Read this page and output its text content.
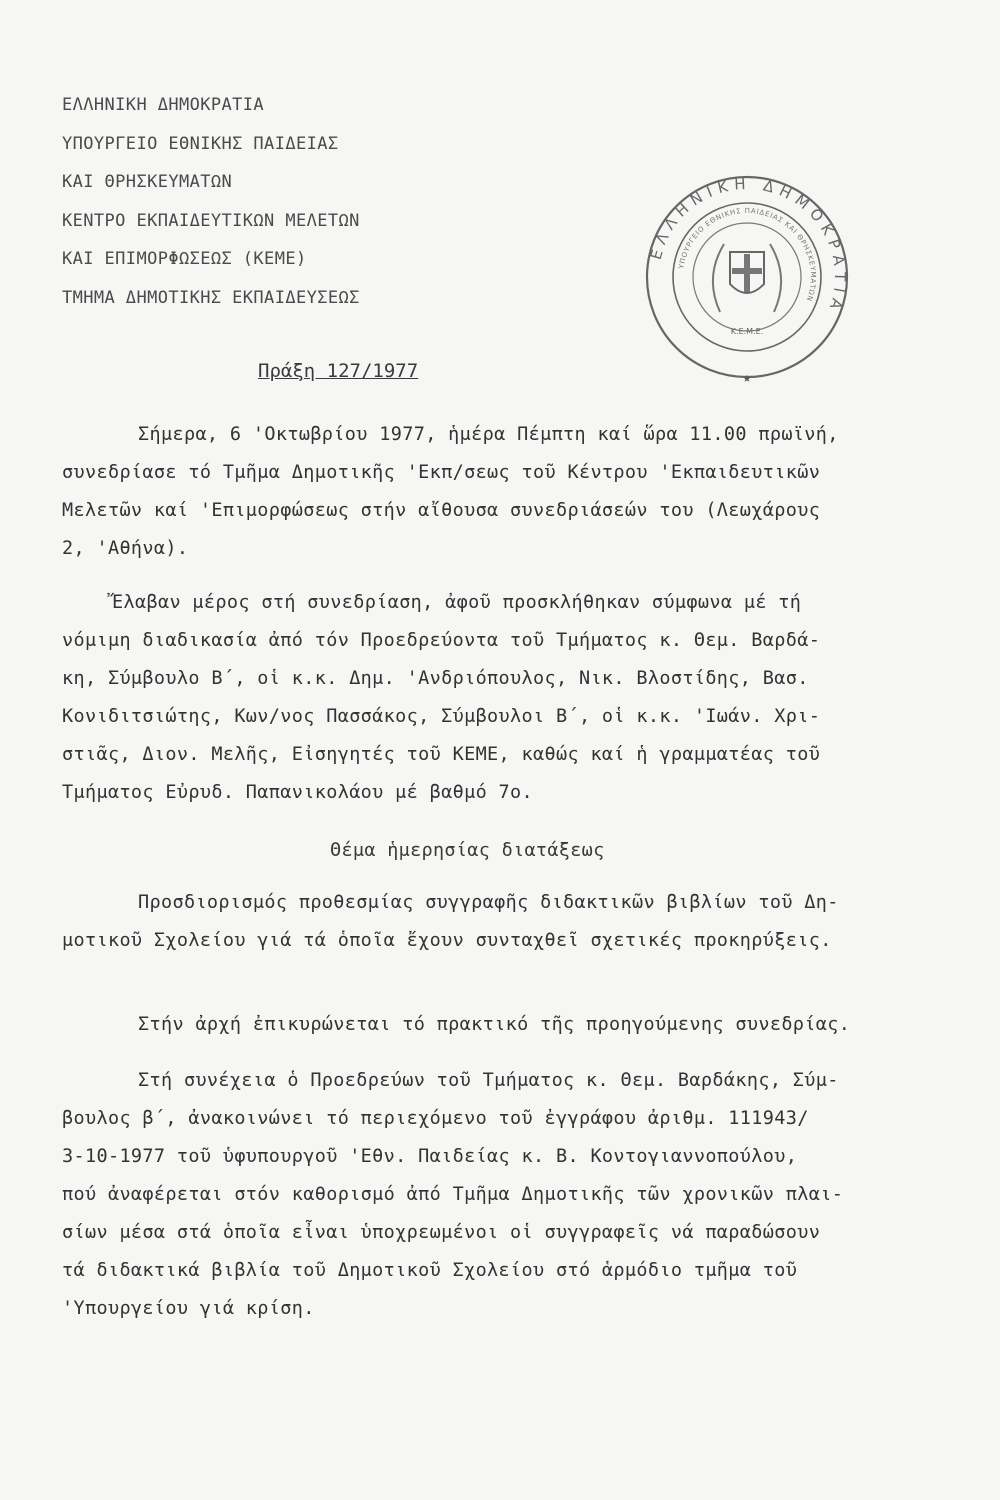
ΕΛΛΗΝΙΚΗ ΔΗΜΟΚΡΑΤΙΑ
ΥΠΟΥΡΓΕΙΟ ΕΘΝΙΚΗΣ ΠΑΙΔΕΙΑΣ
ΚΑΙ ΘΡΗΣΚΕΥΜΑΤΩΝ
ΚΕΝΤΡΟ ΕΚΠΑΙΔΕΥΤΙΚΩΝ ΜΕΛΕΤΩΝ
ΚΑΙ ΕΠΙΜΟΡΦΩΣΕΩΣ (ΚΕΜΕ)
ΤΜΗΜΑ ΔΗΜΟΤΙΚΗΣ ΕΚΠΑΙΔΕΥΣΕΩΣ
ΕΛΛΗΝΙΚΗ ΔΗΜΟΚΡΑΤΙΑ
ΥΠΟΥΡΓΕΙΟ ΕΘΝΙΚΗΣ ΠΑΙΔΕΙΑΣ ΚΑΙ ΘΡΗΣΚΕΥΜΑΤΩΝ
Κ.Ε.Μ.Ε.
★
Πράξη 127/1977
Σήμερα, 6 'Οκτωβρίου 1977, ἡμέρα Πέμπτη καί ὥρα 11.00 πρωϊνή,
συνεδρίασε τό Τμῆμα Δημοτικῆς 'Εκπ/σεως τοῦ Κέντρου 'Εκπαιδευτικῶν
Μελετῶν καί 'Επιμορφώσεως στήν αἴθουσα συνεδριάσεών του (Λεωχάρους
2, 'Αθήνα).
Ἔλαβαν μέρος στή συνεδρίαση, ἀφοῦ προσκλήθηκαν σύμφωνα μέ τή
νόμιμη διαδικασία ἀπό τόν Προεδρεύοντα τοῦ Τμήματος κ. Θεμ. Βαρδά-
κη, Σύμβουλο Β΄, οἱ κ.κ. Δημ. 'Ανδριόπουλος, Νικ. Βλοστίδης, Βασ.
Κονιδιτσιώτης, Κων/νος Πασσάκος, Σύμβουλοι Β΄, οἱ κ.κ. 'Ιωάν. Χρι-
στιᾶς, Διον. Μελῆς, Εἰσηγητές τοῦ ΚΕΜΕ, καθώς καί ἡ γραμματέας τοῦ
Τμήματος Εὐρυδ. Παπανικολάου μέ βαθμό 7ο.
Θέμα ἡμερησίας διατάξεως
Προσδιορισμός προθεσμίας συγγραφῆς διδακτικῶν βιβλίων τοῦ Δη-
μοτικοῦ Σχολείου γιά τά ὁποῖα ἔχουν συνταχθεῖ σχετικές προκηρύξεις.
Στήν ἀρχή ἐπικυρώνεται τό πρακτικό τῆς προηγούμενης συνεδρίας.
Στή συνέχεια ὁ Προεδρεύων τοῦ Τμήματος κ. Θεμ. Βαρδάκης, Σύμ-
βουλος β΄, ἀνακοινώνει τό περιεχόμενο τοῦ ἐγγράφου ἀριθμ. 111943/
3-10-1977 τοῦ ὑφυπουργοῦ 'Εθν. Παιδείας κ. Β. Κοντογιαννοπούλου,
πού ἀναφέρεται στόν καθορισμό ἀπό Τμῆμα Δημοτικῆς τῶν χρονικῶν πλαι-
σίων μέσα στά ὁποῖα εἶναι ὑποχρεωμένοι οἱ συγγραφεῖς νά παραδώσουν
τά διδακτικά βιβλία τοῦ Δημοτικοῦ Σχολείου στό ἁρμόδιο τμῆμα τοῦ
'Υπουργείου γιά κρίση.
